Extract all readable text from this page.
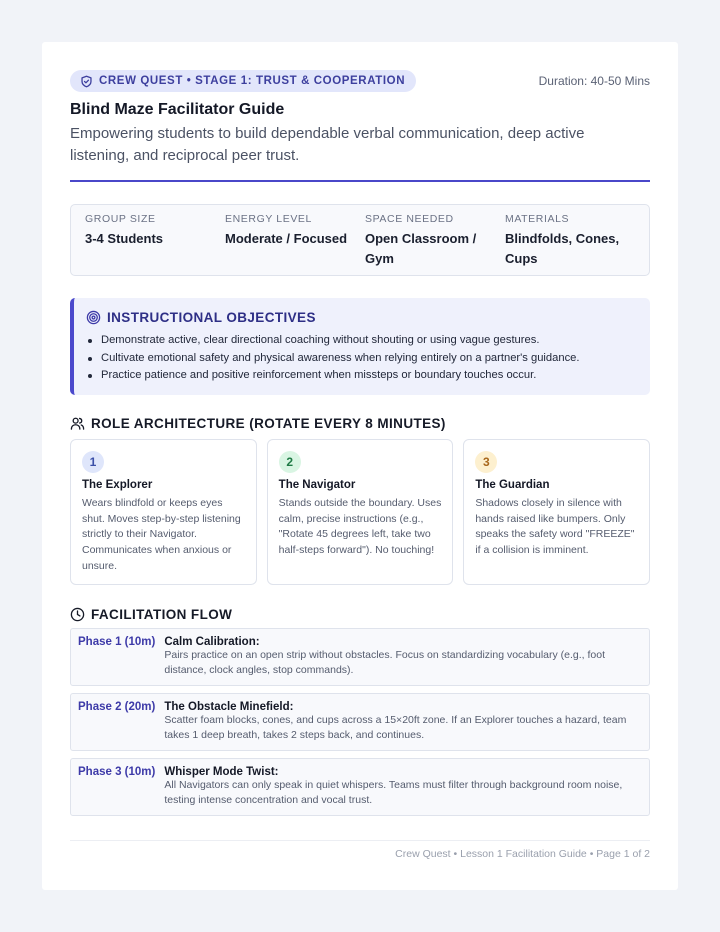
CREW QUEST • STAGE 1: TRUST & COOPERATION	Duration: 40-50 Mins
Blind Maze Facilitator Guide

Empowering students to build dependable verbal communication, deep active listening, and reciprocal peer trust.

GROUP SIZE
3-4 Students
ENERGY LEVEL
Moderate / Focused
SPACE NEEDED
Open Classroom / Gym
MATERIALS
Blindfolds, Cones, Cups
INSTRUCTIONAL OBJECTIVES
Demonstrate active, clear directional coaching without shouting or using vague gestures.
Cultivate emotional safety and physical awareness when relying entirely on a partner's guidance.
Practice patience and positive reinforcement when missteps or boundary touches occur.
ROLE ARCHITECTURE (ROTATE EVERY 8 MINUTES)
1
The Explorer
Wears blindfold or keeps eyes shut. Moves step-by-step listening strictly to their Navigator. Communicates when anxious or unsure.
2
The Navigator
Stands outside the boundary. Uses calm, precise instructions (e.g., "Rotate 45 degrees left, take two half-steps forward"). No touching!
3
The Guardian
Shadows closely in silence with hands raised like bumpers. Only speaks the safety word "FREEZE" if a collision is imminent.
FACILITATION FLOW
Phase 1 (10m) Calm Calibration:
Pairs practice on an open strip without obstacles. Focus on standardizing vocabulary (e.g., foot distance, clock angles, stop commands).
Phase 2 (20m) The Obstacle Minefield:
Scatter foam blocks, cones, and cups across a 15×20ft zone. If an Explorer touches a hazard, team takes 1 deep breath, takes 2 steps back, and continues.
Phase 3 (10m) Whisper Mode Twist:
All Navigators can only speak in quiet whispers. Teams must filter through background room noise, testing intense concentration and vocal trust.
Crew Quest • Lesson 1 Facilitation Guide • Page 1 of 2
